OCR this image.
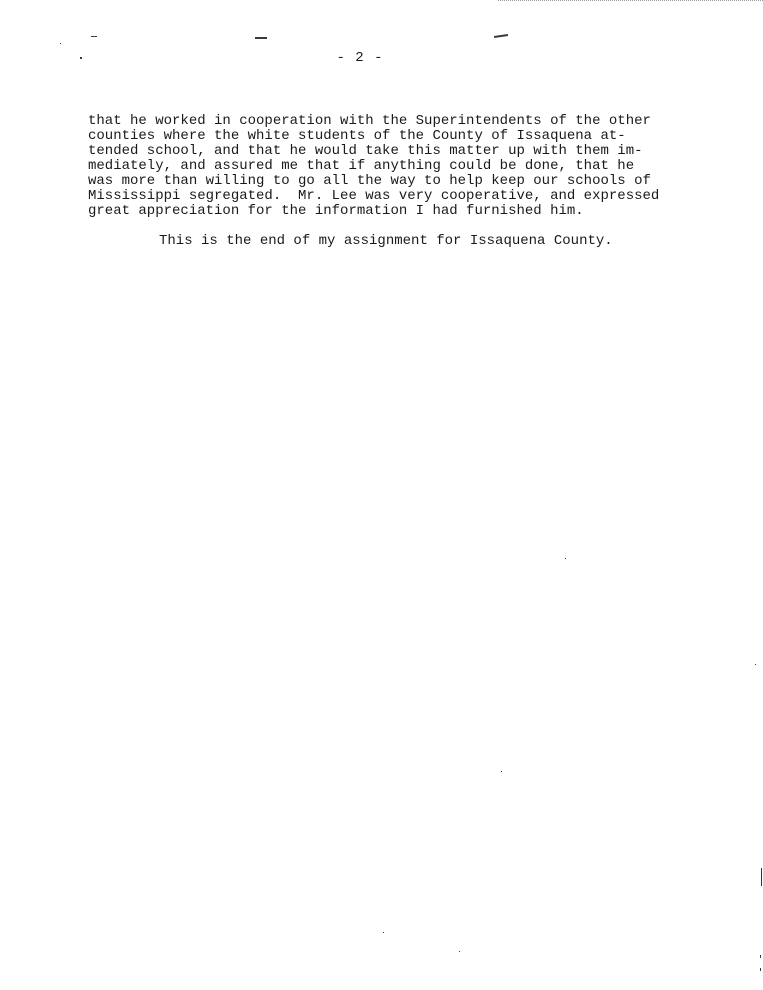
- 2 -

that he worked in cooperation with the Superintendents of the other
counties where the white students of the County of Issaquena at-
tended school, and that he would take this matter up with them im-
mediately, and assured me that if anything could be done, that he
was more than willing to go all the way to help keep our schools of
Mississippi segregated.  Mr. Lee was very cooperative, and expressed
great appreciation for the information I had furnished him.

This is the end of my assignment for Issaquena County.
